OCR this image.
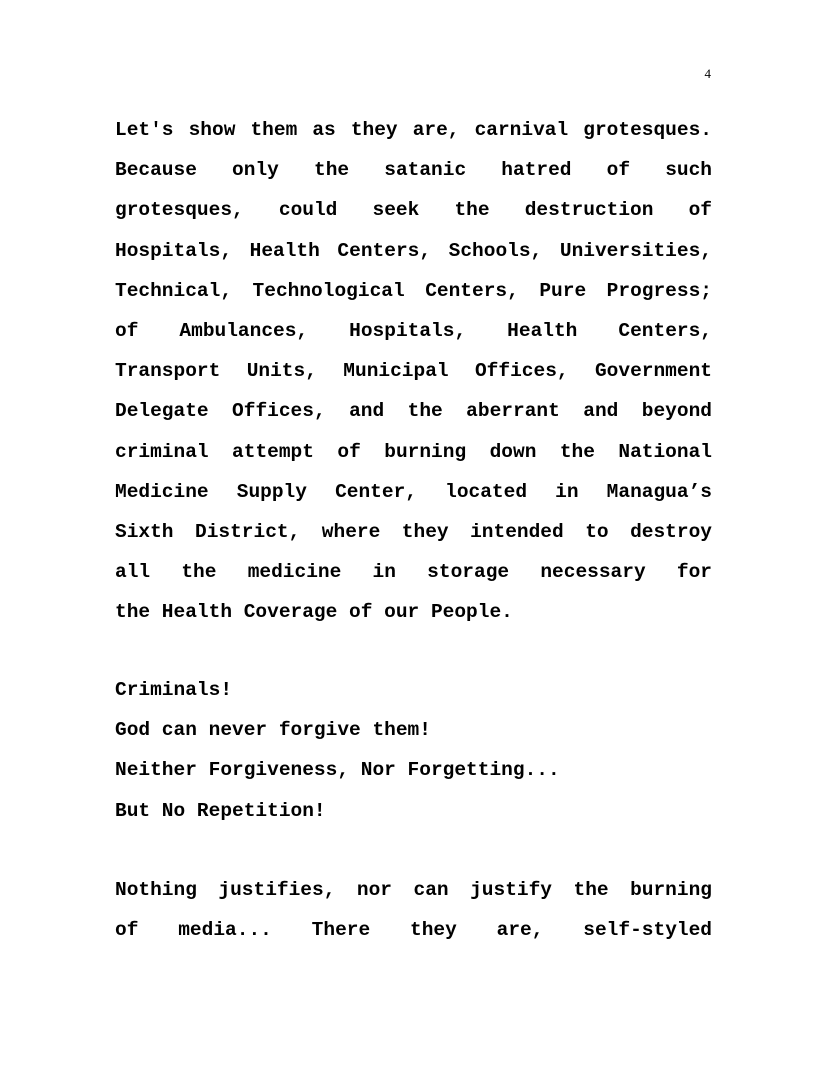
4
Let's show them as they are, carnival grotesques.
Because only the satanic hatred of such
grotesques, could seek the destruction of
Hospitals, Health Centers, Schools, Universities,
Technical, Technological Centers, Pure Progress;
of Ambulances, Hospitals, Health Centers,
Transport Units, Municipal Offices, Government
Delegate Offices, and the aberrant and beyond
criminal attempt of burning down the National
Medicine Supply Center, located in Managua’s
Sixth District, where they intended to destroy
all the medicine in storage necessary for
the Health Coverage of our People.
Criminals!
God can never forgive them!
Neither Forgiveness, Nor Forgetting...
But No Repetition!
Nothing justifies, nor can justify the burning
of media... There they are, self-styled
